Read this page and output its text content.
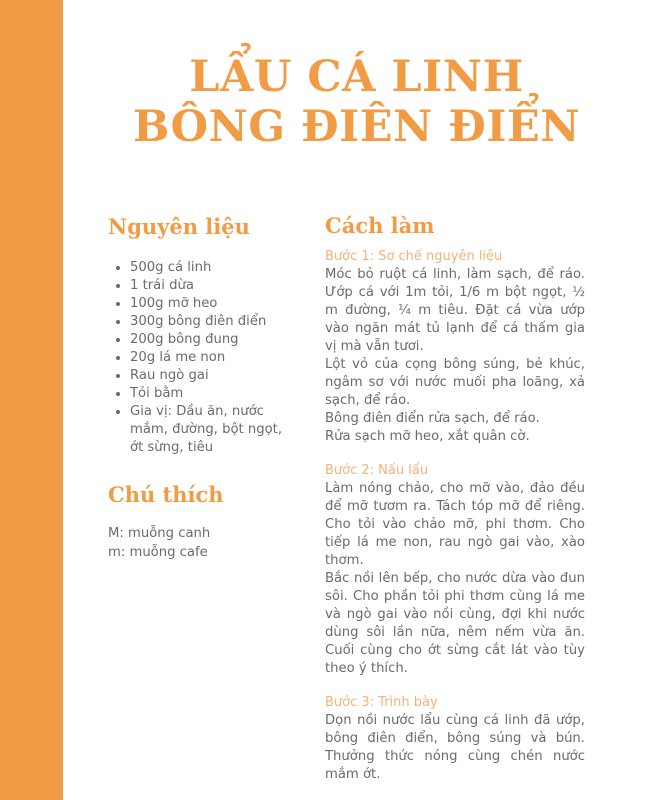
LẨU CÁ LINH
BÔNG ĐIÊN ĐIỂN
Nguyên liệu
• 500g cá linh
• 1 trái dừa
• 100g mỡ heo
• 300g bông điên điển
• 200g bông đung
• 20g lá me non
• Rau ngò gai
• Tỏi bằm
• Gia vị: Dầu ăn, nước mắm, đường, bột ngọt, ớt sừng, tiêu
Chú thích
M: muỗng canh
m: muỗng cafe
Cách làm
Bước 1: Sơ chế nguyên liệu
Móc bỏ ruột cá linh, làm sạch, để ráo. Ướp cá với 1m tỏi, 1/6 m bột ngọt, ½ m đường, ¼ m tiêu. Đặt cá vừa ướp vào ngăn mát tủ lạnh để cá thấm gia vị mà vẫn tươi.
Lột vỏ của cọng bông súng, bẻ khúc, ngâm sơ với nước muối pha loãng, xả sạch, để ráo.
Bông điên điển rửa sạch, để ráo.
Rửa sạch mỡ heo, xắt quân cờ.
Bước 2: Nấu lẩu
Làm nóng chảo, cho mỡ vào, đảo đều để mỡ tươm ra. Tách tóp mỡ để riêng. Cho tỏi vào chảo mỡ, phi thơm. Cho tiếp lá me non, rau ngò gai vào, xào thơm.
Bắc nồi lên bếp, cho nước dừa vào đun sôi. Cho phần tỏi phi thơm cùng lá me và ngò gai vào nồi cùng, đợi khi nước dùng sôi lần nữa, nêm nếm vừa ăn. Cuối cùng cho ớt sừng cắt lát vào tùy theo ý thích.
Bước 3: Trình bày
Dọn nồi nước lẩu cùng cá linh đã ướp, bông điên điển, bông súng và bún. Thưởng thức nóng cùng chén nước mắm ớt.
